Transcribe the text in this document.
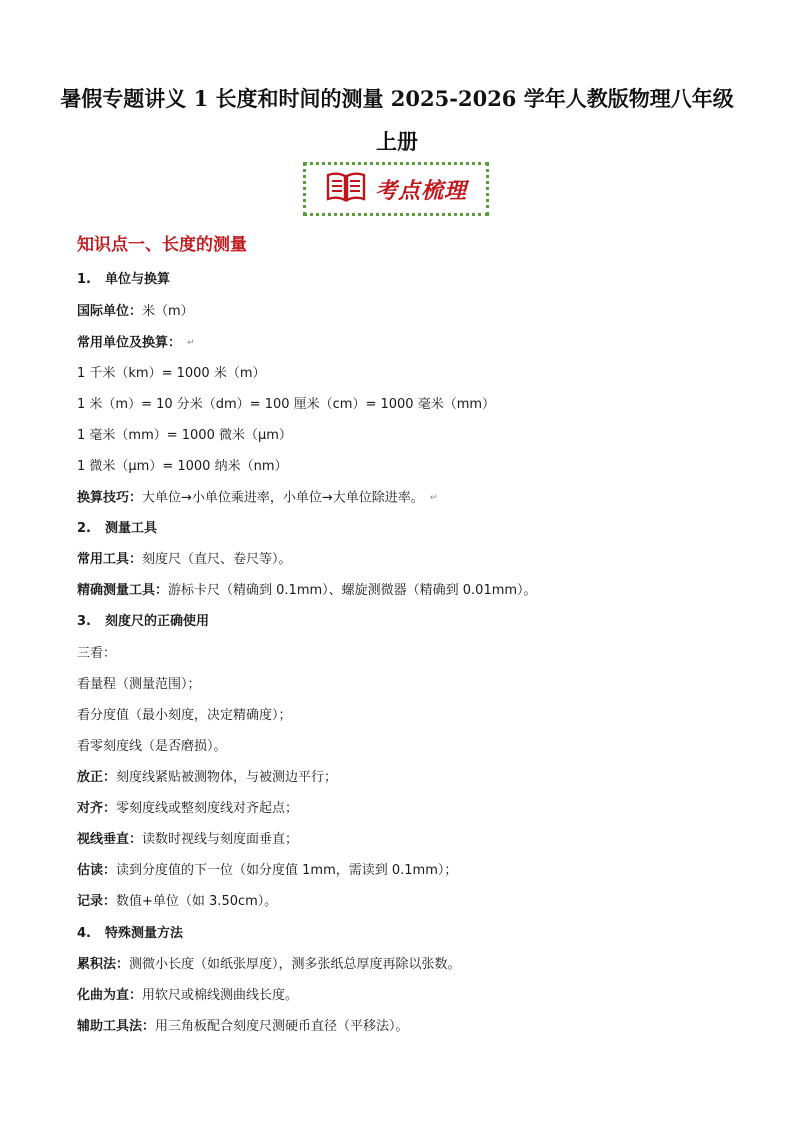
暑假专题讲义 1 长度和时间的测量 2025-2026 学年人教版物理八年级
上册
考点梳理
知识点一、长度的测量
1. 单位与换算
国际单位：米（m）
常用单位及换算： ↵
1 千米（km）= 1000 米（m）
1 米（m）= 10 分米（dm）= 100 厘米（cm）= 1000 毫米（mm）
1 毫米（mm）= 1000 微米（μm）
1 微米（μm）= 1000 纳米（nm）
换算技巧：大单位→小单位乘进率，小单位→大单位除进率。 ↵
2. 测量工具
常用工具：刻度尺（直尺、卷尺等）。
精确测量工具：游标卡尺（精确到 0.1mm）、螺旋测微器（精确到 0.01mm）。
3. 刻度尺的正确使用
三看：
看量程（测量范围）；
看分度值（最小刻度，决定精确度）；
看零刻度线（是否磨损）。
放正：刻度线紧贴被测物体，与被测边平行；
对齐：零刻度线或整刻度线对齐起点；
视线垂直：读数时视线与刻度面垂直；
估读：读到分度值的下一位（如分度值 1mm，需读到 0.1mm）；
记录：数值+单位（如 3.50cm）。
4. 特殊测量方法
累积法：测微小长度（如纸张厚度），测多张纸总厚度再除以张数。
化曲为直：用软尺或棉线测曲线长度。
辅助工具法：用三角板配合刻度尺测硬币直径（平移法）。
